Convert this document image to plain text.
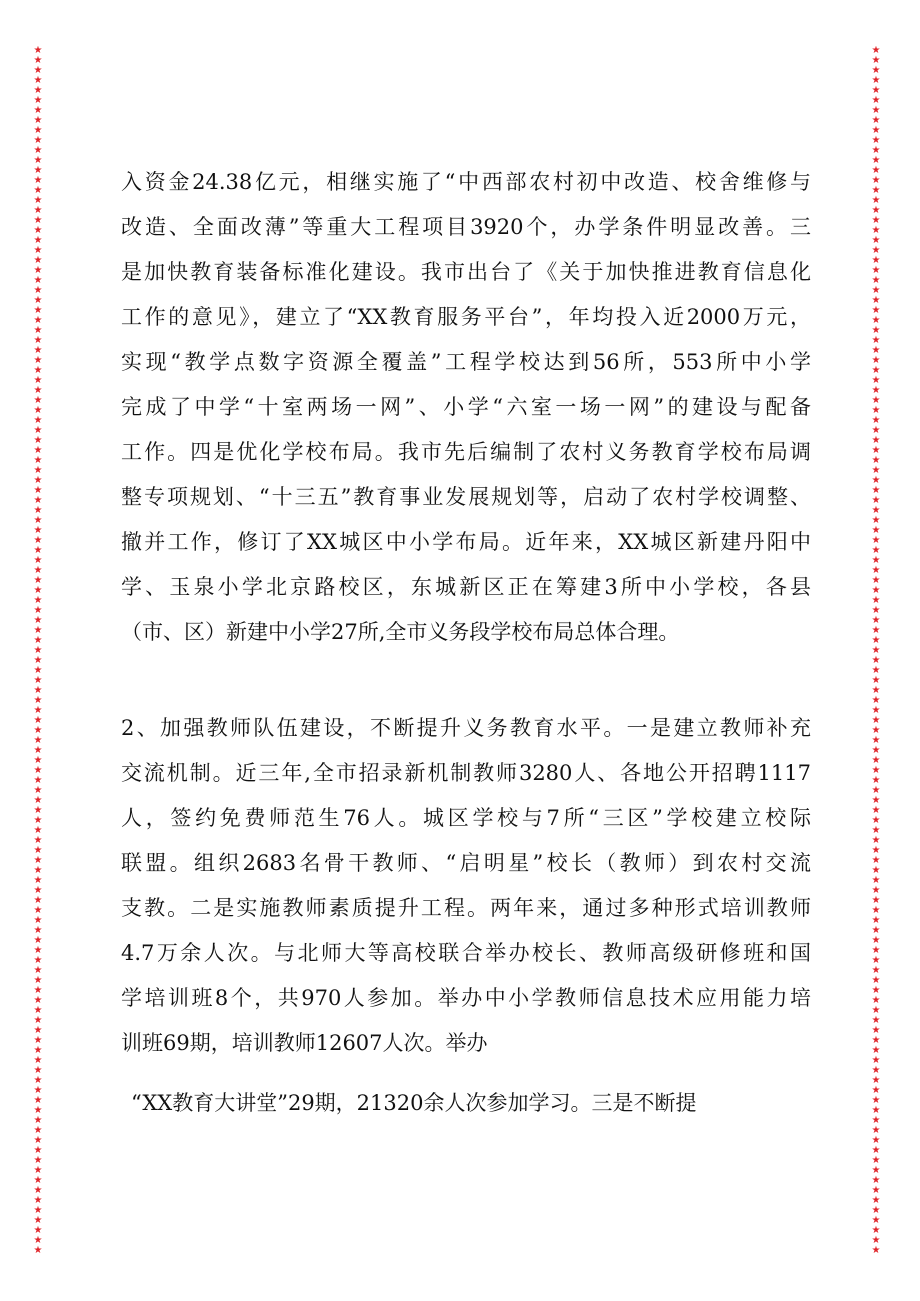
★★★★★★★★★★★★★★★★★★★★★★★★★★★★★★★★★★★★★★★★★★★★★★★★★★★★★★★★★★★★★★★★★★★★★★★★★★★★★★★★★★★★★★★★★★★★★★★★★★★★★★★★★★★★★★★★★★★★★★★★★
★★★★★★★★★★★★★★★★★★★★★★★★★★★★★★★★★★★★★★★★★★★★★★★★★★★★★★★★★★★★★★★★★★★★★★★★★★★★★★★★★★★★★★★★★★★★★★★★★★★★★★★★★★★★★★★★★★★★★★★★★
入资金24.38亿元，相继实施了“中西部农村初中改造、校舍维修与
改造、全面改薄”等重大工程项目3920个，办学条件明显改善。三
是加快教育装备标准化建设。我市出台了《关于加快推进教育信息化
工作的意见》，建立了“XX教育服务平台”，年均投入近2000万元，
实现“教学点数字资源全覆盖”工程学校达到56所，553所中小学
完成了中学“十室两场一网”、小学“六室一场一网”的建设与配备
工作。四是优化学校布局。我市先后编制了农村义务教育学校布局调
整专项规划、“十三五”教育事业发展规划等，启动了农村学校调整、
撤并工作，修订了XX城区中小学布局。近年来，XX城区新建丹阳中
学、玉泉小学北京路校区，东城新区正在筹建3所中小学校，各县
（市、区）新建中小学27所,全市义务段学校布局总体合理。
2、加强教师队伍建设，不断提升义务教育水平。一是建立教师补充
交流机制。近三年,全市招录新机制教师3280人、各地公开招聘1117
人，签约免费师范生76人。城区学校与7所“三区”学校建立校际
联盟。组织2683名骨干教师、“启明星”校长（教师）到农村交流
支教。二是实施教师素质提升工程。两年来，通过多种形式培训教师
4.7万余人次。与北师大等高校联合举办校长、教师高级研修班和国
学培训班8个，共970人参加。举办中小学教师信息技术应用能力培
训班69期，培训教师12607人次。举办
“XX教育大讲堂”29期，21320余人次参加学习。三是不断提
